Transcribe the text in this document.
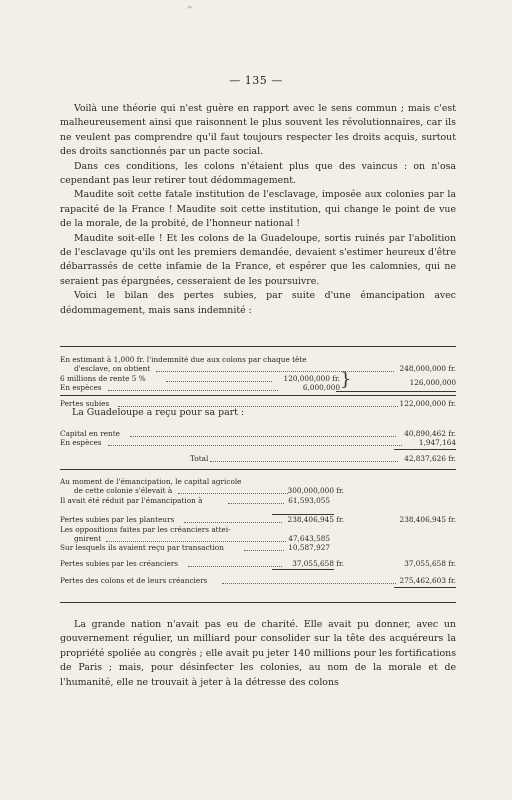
^
— 135 —

Voilà une théorie qui n'est guère en rapport avec le sens commun ; mais c'est malheureusement ainsi que raisonnent le plus souvent les révolutionnaires, car ils ne veulent pas comprendre qu'il faut toujours respecter les droits acquis, surtout des droits sanctionnés par un pacte social.

Dans ces conditions, les colons n'étaient plus que des vaincus : on n'osa cependant pas leur retirer tout dédommagement.

Maudite soit cette fatale institution de l'esclavage, imposée aux colonies par la rapacité de la France ! Maudite soit cette institution, qui change le point de vue de la morale, de la probité, de l'honneur national !

Maudite soit-elle ! Et les colons de la Guadeloupe, sortis ruinés par l'abolition de l'esclavage qu'ils ont les premiers demandée, devaient s'estimer heureux d'être débarrassés de cette infamie de la France, et espérer que les calomnies, qui ne seraient pas épargnées, cesseraient de les poursuivre.

Voici le bilan des pertes subies, par suite d'une émancipation avec dédommagement, mais sans indemnité :

En estimant à 1,000 fr. l'indemnité due aux colons par chaque tête
d'esclave, on obtient	248,000,000 fr.
6 millions de rente 5 %	120,000,000 fr.	126,000,000
En espèces	6,000,000
Pertes subies	122,000,000 fr.
}
La Guadeloupe a reçu pour sa part :
Capital en rente	40,890,462 fr.
En espèces	1,947,164
Total	42,837,626 fr.
Au moment de l'émancipation, le capital agricole
de cette colonie s'élevait à	300,000,000 fr.
Il avait été réduit par l'émancipation à	61,593,055
Pertes subies par les planteurs	238,406,945 fr.	238,406,945 fr.
Les oppositions faites par les créanciers attei-
gnirent	47,643,585
Sur lesquels ils avaient reçu par transaction	10,587,927
Pertes subies par les créanciers	37,055,658 fr.	37,055,658 fr.
Pertes des colons et de leurs créanciers	275,462,603 fr.

La grande nation n'avait pas eu de charité. Elle avait pu donner, avec un gouvernement régulier, un milliard pour consolider sur la tête des acquéreurs la propriété spoliée au congrès ; elle avait pu jeter 140 millions pour les fortifications de Paris ; mais, pour désinfecter les colonies, au nom de la morale et de l'humanité, elle ne trouvait à jeter à la détresse des colons
